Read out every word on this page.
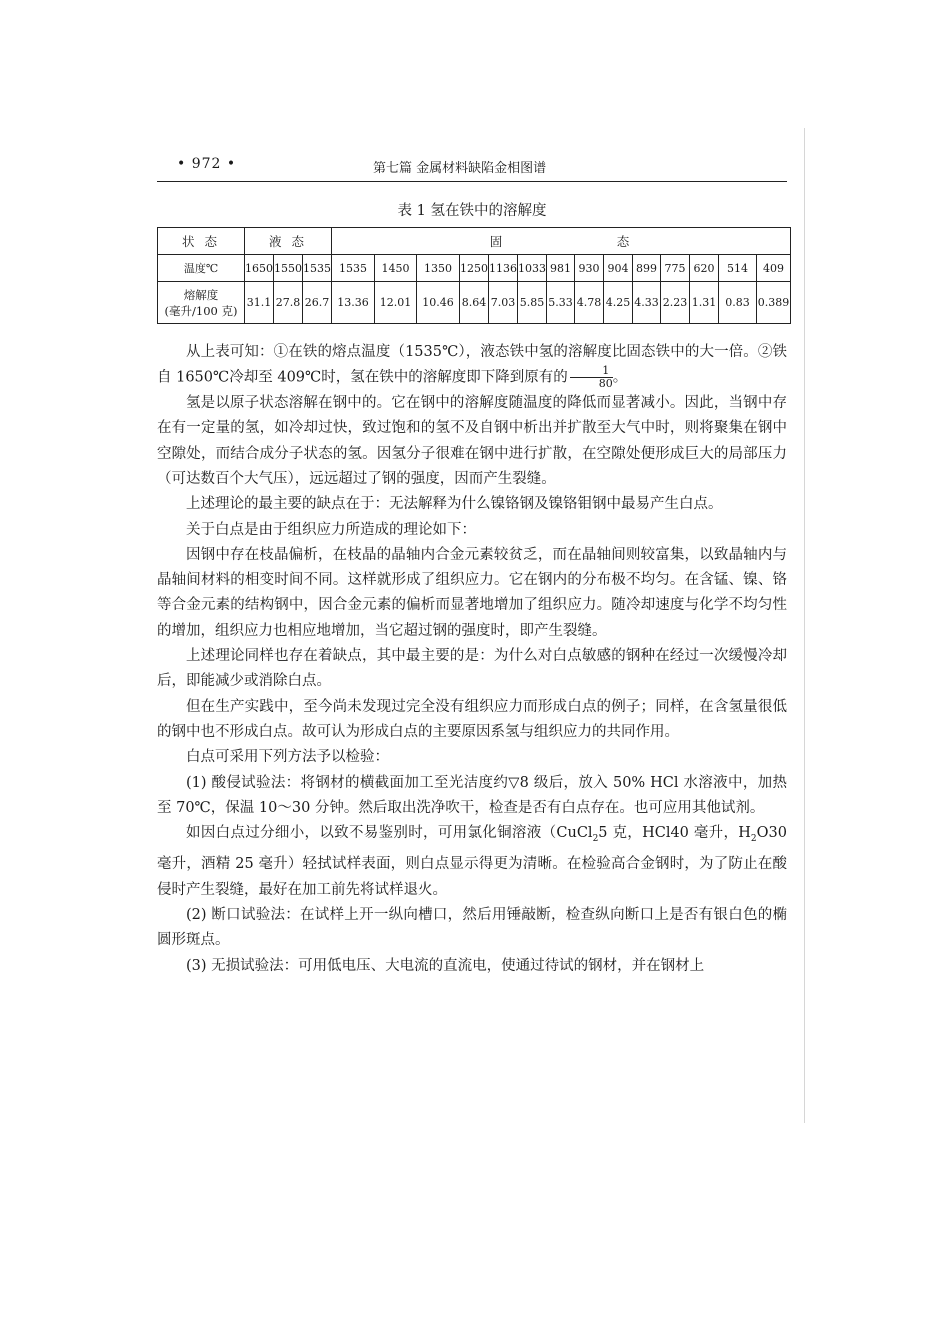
• 972 •	第七篇 金属材料缺陷金相图谱
表 1 氢在铁中的溶解度
状 态	液 态			固                态													
温度℃	1650	1550	1535	1535	1450	1350	1250	1136	1033	981	930	904	899	775	620	514	409
熔解度
(毫升/100 克)	31.1	27.8	26.7	13.36	12.01	10.46	8.64	7.03	5.85	5.33	4.78	4.25	4.33	2.23	1.31	0.83	0.389

从上表可知：①在铁的熔点温度（1535℃），液态铁中氢的溶解度比固态铁中的大一倍。②铁自 1650℃冷却至 409℃时，氢在铁中的溶解度即下降到原有的 $\frac{1}{80}$ 。

氢是以原子状态溶解在钢中的。它在钢中的溶解度随温度的降低而显著减小。因此，当钢中存在有一定量的氢，如冷却过快，致过饱和的氢不及自钢中析出并扩散至大气中时，则将聚集在钢中空隙处，而结合成分子状态的氢。因氢分子很难在钢中进行扩散，在空隙处便形成巨大的局部压力（可达数百个大气压），远远超过了钢的强度，因而产生裂缝。

上述理论的最主要的缺点在于：无法解释为什么镍铬钢及镍铬钼钢中最易产生白点。

关于白点是由于组织应力所造成的理论如下：

因钢中存在枝晶偏析，在枝晶的晶轴内合金元素较贫乏，而在晶轴间则较富集，以致晶轴内与晶轴间材料的相变时间不同。这样就形成了组织应力。它在钢内的分布极不均匀。在含锰、镍、铬等合金元素的结构钢中，因合金元素的偏析而显著地增加了组织应力。随冷却速度与化学不均匀性的增加，组织应力也相应地增加，当它超过钢的强度时，即产生裂缝。

上述理论同样也存在着缺点，其中最主要的是：为什么对白点敏感的钢种在经过一次缓慢冷却后，即能减少或消除白点。

但在生产实践中，至今尚未发现过完全没有组织应力而形成白点的例子；同样，在含氢量很低的钢中也不形成白点。故可认为形成白点的主要原因系氢与组织应力的共同作用。

白点可采用下列方法予以检验：

(1) 酸侵试验法：将钢材的横截面加工至光洁度约▽8 级后，放入 50% HCl 水溶液中，加热至 70℃，保温 10～30 分钟。然后取出洗净吹干，检查是否有白点存在。也可应用其他试剂。

如因白点过分细小，以致不易鉴别时，可用氯化铜溶液（CuCl$_2$5 克，HCl40 毫升，$H_2O30$ 毫升，酒精 25 毫升）轻拭试样表面，则白点显示得更为清晰。在检验高合金钢时，为了防止在酸侵时产生裂缝，最好在加工前先将试样退火。

(2) 断口试验法：在试样上开一纵向槽口，然后用锤敲断，检查纵向断口上是否有银白色的椭圆形斑点。

(3) 无损试验法：可用低电压、大电流的直流电，使通过待试的钢材，并在钢材上
